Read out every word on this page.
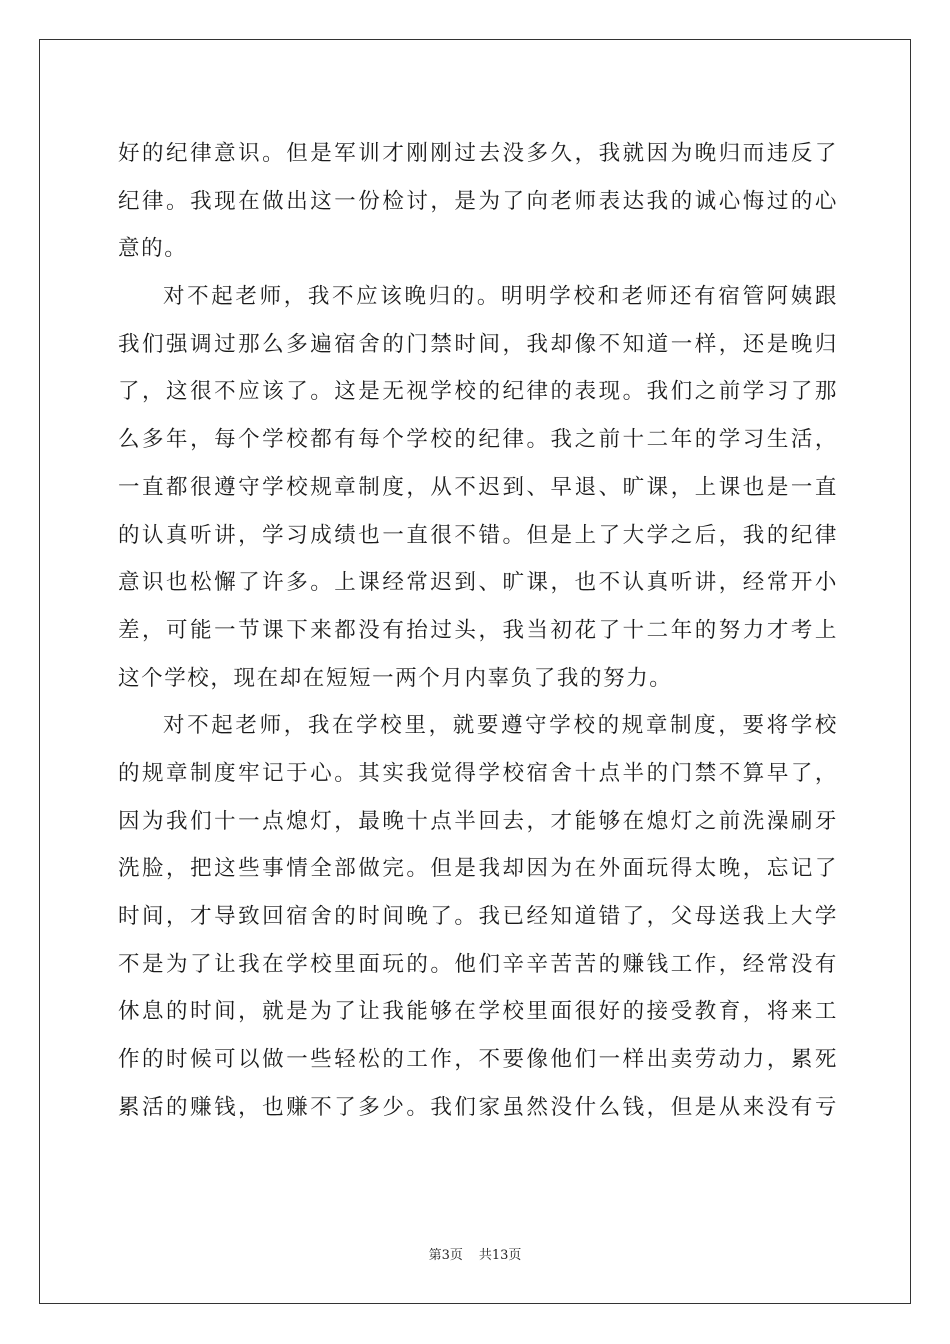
好的纪律意识。但是军训才刚刚过去没多久，我就因为晚归而违反了
纪律。我现在做出这一份检讨，是为了向老师表达我的诚心悔过的心
意的。
对不起老师，我不应该晚归的。明明学校和老师还有宿管阿姨跟
我们强调过那么多遍宿舍的门禁时间，我却像不知道一样，还是晚归
了，这很不应该了。这是无视学校的纪律的表现。我们之前学习了那
么多年，每个学校都有每个学校的纪律。我之前十二年的学习生活，
一直都很遵守学校规章制度，从不迟到、早退、旷课，上课也是一直
的认真听讲，学习成绩也一直很不错。但是上了大学之后，我的纪律
意识也松懈了许多。上课经常迟到、旷课，也不认真听讲，经常开小
差，可能一节课下来都没有抬过头，我当初花了十二年的努力才考上
这个学校，现在却在短短一两个月内辜负了我的努力。
对不起老师，我在学校里，就要遵守学校的规章制度，要将学校
的规章制度牢记于心。其实我觉得学校宿舍十点半的门禁不算早了，
因为我们十一点熄灯，最晚十点半回去，才能够在熄灯之前洗澡刷牙
洗脸，把这些事情全部做完。但是我却因为在外面玩得太晚，忘记了
时间，才导致回宿舍的时间晚了。我已经知道错了，父母送我上大学
不是为了让我在学校里面玩的。他们辛辛苦苦的赚钱工作，经常没有
休息的时间，就是为了让我能够在学校里面很好的接受教育，将来工
作的时候可以做一些轻松的工作，不要像他们一样出卖劳动力，累死
累活的赚钱，也赚不了多少。我们家虽然没什么钱，但是从来没有亏
第3页 共13页
